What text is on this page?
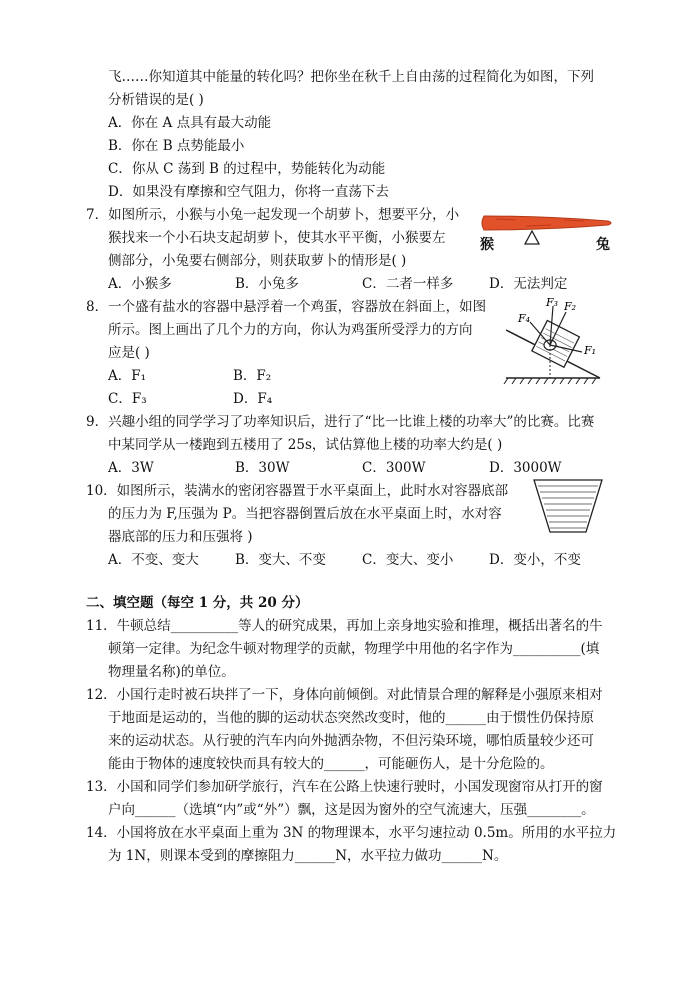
飞……你知道其中能量的转化吗？把你坐在秋千上自由荡的过程简化为如图，下列
分析错误的是( )
A．你在 A 点具有最大动能
B．你在 B 点势能最小
C．你从 C 荡到 B 的过程中，势能转化为动能
D．如果没有摩擦和空气阻力，你将一直荡下去
7．如图所示，小猴与小兔一起发现一个胡萝卜，想要平分，小
猴找来一个小石块支起胡萝卜，使其水平平衡，小猴要左
侧部分，小兔要右侧部分，则获取萝卜的情形是( )
A．小猴多	B．小兔多	C．二者一样多	D．无法判定
猴	兔
8．一个盛有盐水的容器中悬浮着一个鸡蛋，容器放在斜面上，如图
所示。图上画出了几个力的方向，你认为鸡蛋所受浮力的方向
应是( )
A．F₁	B．F₂
C．F₃	D．F₄
F₁
F₂
F₃
F₄
9．兴趣小组的同学学习了功率知识后，进行了“比一比谁上楼的功率大”的比赛。比赛
中某同学从一楼跑到五楼用了 25s，试估算他上楼的功率大约是( )
A．3W	B．30W	C．300W	D．3000W
10．如图所示，装满水的密闭容器置于水平桌面上，此时水对容器底部
的压力为 F,压强为 P。当把容器倒置后放在水平桌面上时，水对容
器底部的压力和压强将 )
A．不变、变大	B．变大、不变	C．变大、变小	D．变小，不变
二、填空题（每空 1 分，共 20 分）
11．牛顿总结__________等人的研究成果，再加上亲身地实验和推理，概括出著名的牛
顿第一定律。为纪念牛顿对物理学的贡献，物理学中用他的名字作为__________(填
物理量名称)的单位。
12．小国行走时被石块拌了一下，身体向前倾倒。对此情景合理的解释是小强原来相对
于地面是运动的，当他的脚的运动状态突然改变时，他的______由于惯性仍保持原
来的运动状态。从行驶的汽车内向外抛洒杂物，不但污染环境，哪怕质量较少还可
能由于物体的速度较快而具有较大的______，可能砸伤人，是十分危险的。
13．小国和同学们参加研学旅行，汽车在公路上快速行驶时，小国发现窗帘从打开的窗
户向______（选填“内”或“外”）飘，这是因为窗外的空气流速大，压强________。
14．小国将放在水平桌面上重为 3N 的物理课本，水平匀速拉动 0.5m。所用的水平拉力
为 1N，则课本受到的摩擦阻力______N，水平拉力做功______N。
